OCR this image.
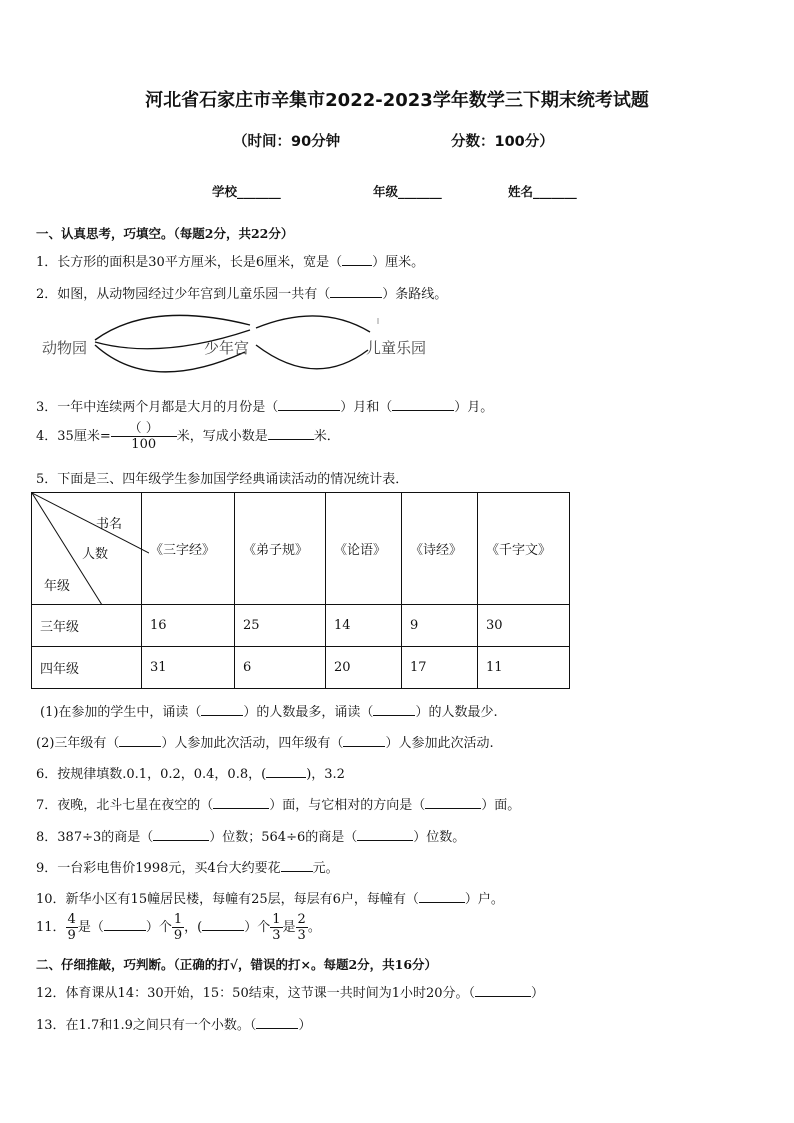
河北省石家庄市辛集市2022-2023学年数学三下期末统考试题
（时间：90分钟	分数：100分）
学校_______	年级_______	姓名_______
一、认真思考，巧填空。（每题2分，共22分）
1．长方形的面积是30平方厘米，长是6厘米，宽是（ ）厘米。
2．如图，从动物园经过少年宫到儿童乐园一共有（	）条路线。
动物园	少年宫	儿童乐园
3．一年中连续两个月都是大月的月份是（	）月和（	）月。
4．35厘米= $\frac{( )}{100}$ 米，写成小数是	米．
5．下面是三、四年级学生参加国学经典诵读活动的情况统计表．
书名
人数
年级	《三字经》	《弟子规》	《论语》	《诗经》	《千字文》
三年级	16	25	14	9	30
四年级	31	6	20	17	11
(1)在参加的学生中，诵读（	）的人数最多，诵读（	）的人数最少.
(2)三年级有（	）人参加此次活动，四年级有（	）人参加此次活动.
6．按规律填数.0.1，0.2，0.4，0.8，(	)，3.2
7．夜晚，北斗七星在夜空的（	）面，与它相对的方向是（	）面。
8．387÷3的商是（	）位数；564÷6的商是（	）位数。
9．一台彩电售价1998元，买4台大约要花 元。
10．新华小区有15幢居民楼，每幢有25层，每层有6户，每幢有（	）户。
11． $\frac{4}{9}$ 是（	）个 $\frac{1}{9}$ ，(	）个 $\frac{1}{3}$ 是 $\frac{2}{3}$ 。
二、仔细推敲，巧判断。（正确的打√，错误的打×。每题2分，共16分）
12．体育课从14：30开始，15：50结束，这节课一共时间为1小时20分。（	）
13．在1.7和1.9之间只有一个小数。（	）
